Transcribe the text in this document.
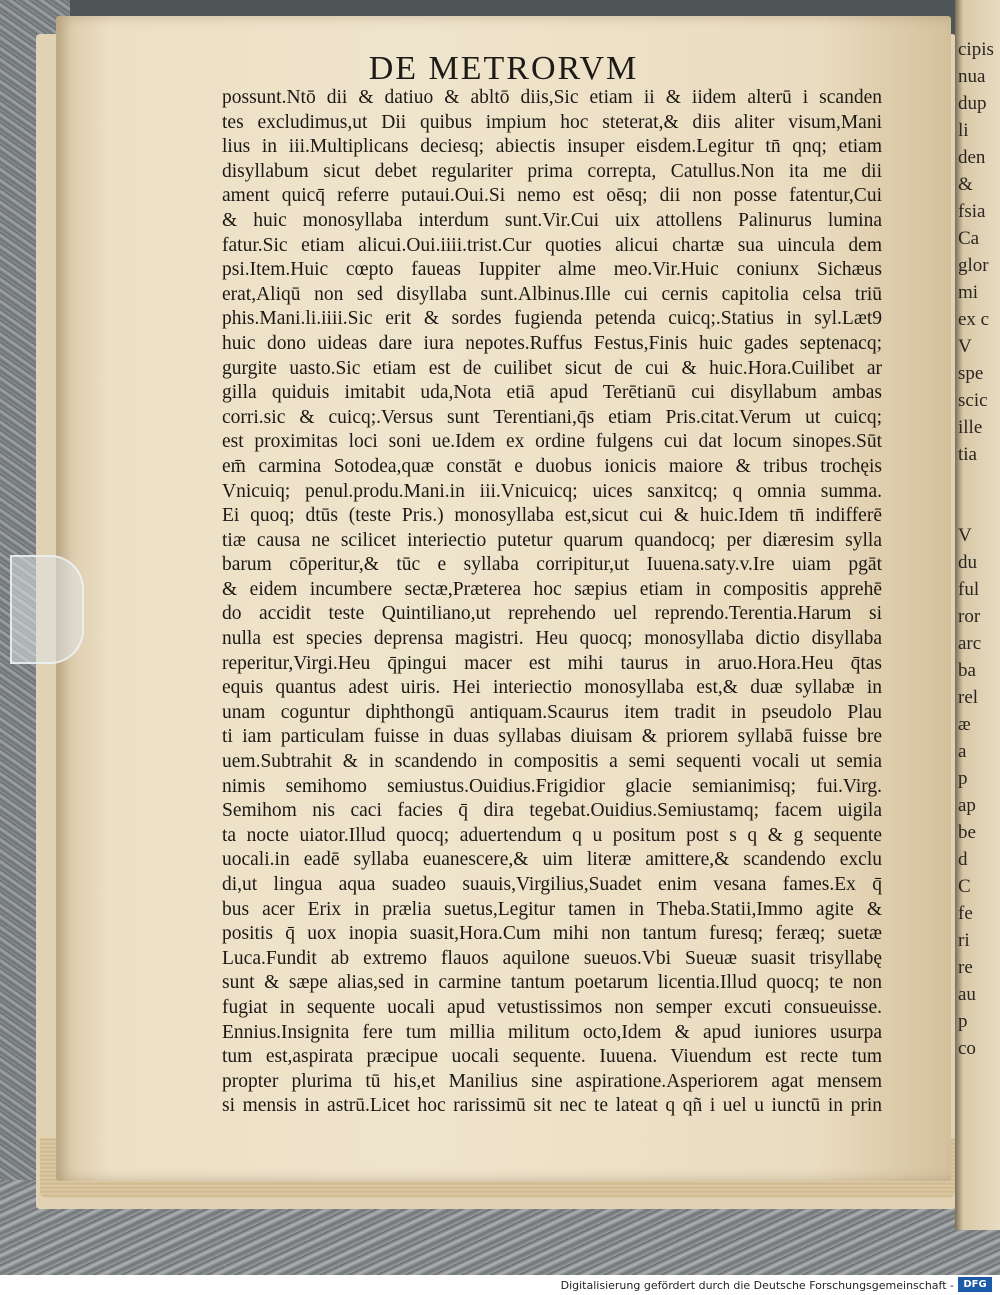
cipis
nua
dup
li
den
&
fsia
Ca
glor
mi
ex c
V
spe
scic
ille
tia
V
du
ful
ror
arc
ba
rel
æ
a
p
ap
be
d
C
fe
ri
re
au
p
co
DE METRORVM
possunt.Ntō dii & datiuo & abltō diis,Sic etiam ii & iidem alterū i scanden
tes excludimus,ut Dii quibus impium hoc steterat,& diis aliter visum,Mani
lius in iii.Multiplicans deciesq; abiectis insuper eisdem.Legitur tn̄ qnq; etiam
disyllabum sicut debet regulariter prima correpta, Catullus.Non ita me dii
ament quicq̄ referre putaui.Oui.Si nemo est oēsq; dii non posse fatentur,Cui
& huic monosyllaba interdum sunt.Vir.Cui uix attollens Palinurus lumina
fatur.Sic etiam alicui.Oui.iiii.trist.Cur quoties alicui chartæ sua uincula dem
psi.Item.Huic cœpto faueas Iuppiter alme meo.Vir.Huic coniunx Sichæus
erat,Aliqū non sed disyllaba sunt.Albinus.Ille cui cernis capitolia celsa triū
phis.Mani.li.iiii.Sic erit & sordes fugienda petenda cuicq;.Statius in syl.Læt9
huic dono uideas dare iura nepotes.Ruffus Festus,Finis huic gades septenacq;
gurgite uasto.Sic etiam est de cuilibet sicut de cui & huic.Hora.Cuilibet ar
gilla quiduis imitabit uda,Nota etiā apud Terētianū cui disyllabum ambas
corri.sic & cuicq;.Versus sunt Terentiani,q̄s etiam Pris.citat.Verum ut cuicq;
est proximitas loci soni ue.Idem ex ordine fulgens cui dat locum sinopes.Sūt
em̄ carmina Sotodea,quæ constāt e duobus ionicis maiore & tribus trochęis
Vnicuiq; penul.produ.Mani.in iii.Vnicuicq; uices sanxitcq; q omnia summa.
Ei quoq; dtūs (teste Pris.) monosyllaba est,sicut cui & huic.Idem tn̄ indifferē
tiæ causa ne scilicet interiectio putetur quarum quandocq; per diæresim sylla
barum cōperitur,& tūc e syllaba corripitur,ut Iuuena.saty.v.Ire uiam pgāt
& eidem incumbere sectæ,Præterea hoc sæpius etiam in compositis apprehē
do accidit teste Quintiliano,ut reprehendo uel reprendo.Terentia.Harum si
nulla est species deprensa magistri. Heu quocq; monosyllaba dictio disyllaba
reperitur,Virgi.Heu q̄pingui macer est mihi taurus in aruo.Hora.Heu q̄tas
equis quantus adest uiris. Hei interiectio monosyllaba est,& duæ syllabæ in
unam coguntur diphthongū antiquam.Scaurus item tradit in pseudolo Plau
ti iam particulam fuisse in duas syllabas diuisam & priorem syllabā fuisse bre
uem.Subtrahit & in scandendo in compositis a semi sequenti vocali ut semia
nimis semihomo semiustus.Ouidius.Frigidior glacie semianimisq; fui.Virg.
Semihom nis caci facies q̄ dira tegebat.Ouidius.Semiustamq; facem uigila
ta nocte uiator.Illud quocq; aduertendum q u positum post s q & g sequente
uocali.in eadē syllaba euanescere,& uim literæ amittere,& scandendo exclu
di,ut lingua aqua suadeo suauis,Virgilius,Suadet enim vesana fames.Ex q̄
bus acer Erix in prælia suetus,Legitur tamen in Theba.Statii,Immo agite &
positis q̄ uox inopia suasit,Hora.Cum mihi non tantum furesq; feræq; suetæ
Luca.Fundit ab extremo flauos aquilone sueuos.Vbi Sueuæ suasit trisyllabę
sunt & sæpe alias,sed in carmine tantum poetarum licentia.Illud quocq; te non
fugiat in sequente uocali apud vetustissimos non semper excuti consueuisse.
Ennius.Insignita fere tum millia militum octo,Idem & apud iuniores usurpa
tum est,aspirata præcipue uocali sequente. Iuuena. Viuendum est recte tum
propter plurima tū his,et Manilius sine aspiratione.Asperiorem agat mensem
si mensis in astrū.Licet hoc rarissimū sit nec te lateat q qñ i uel u iunctū in prin
Digitalisierung gefördert durch die Deutsche Forschungsgemeinschaft - DFG
